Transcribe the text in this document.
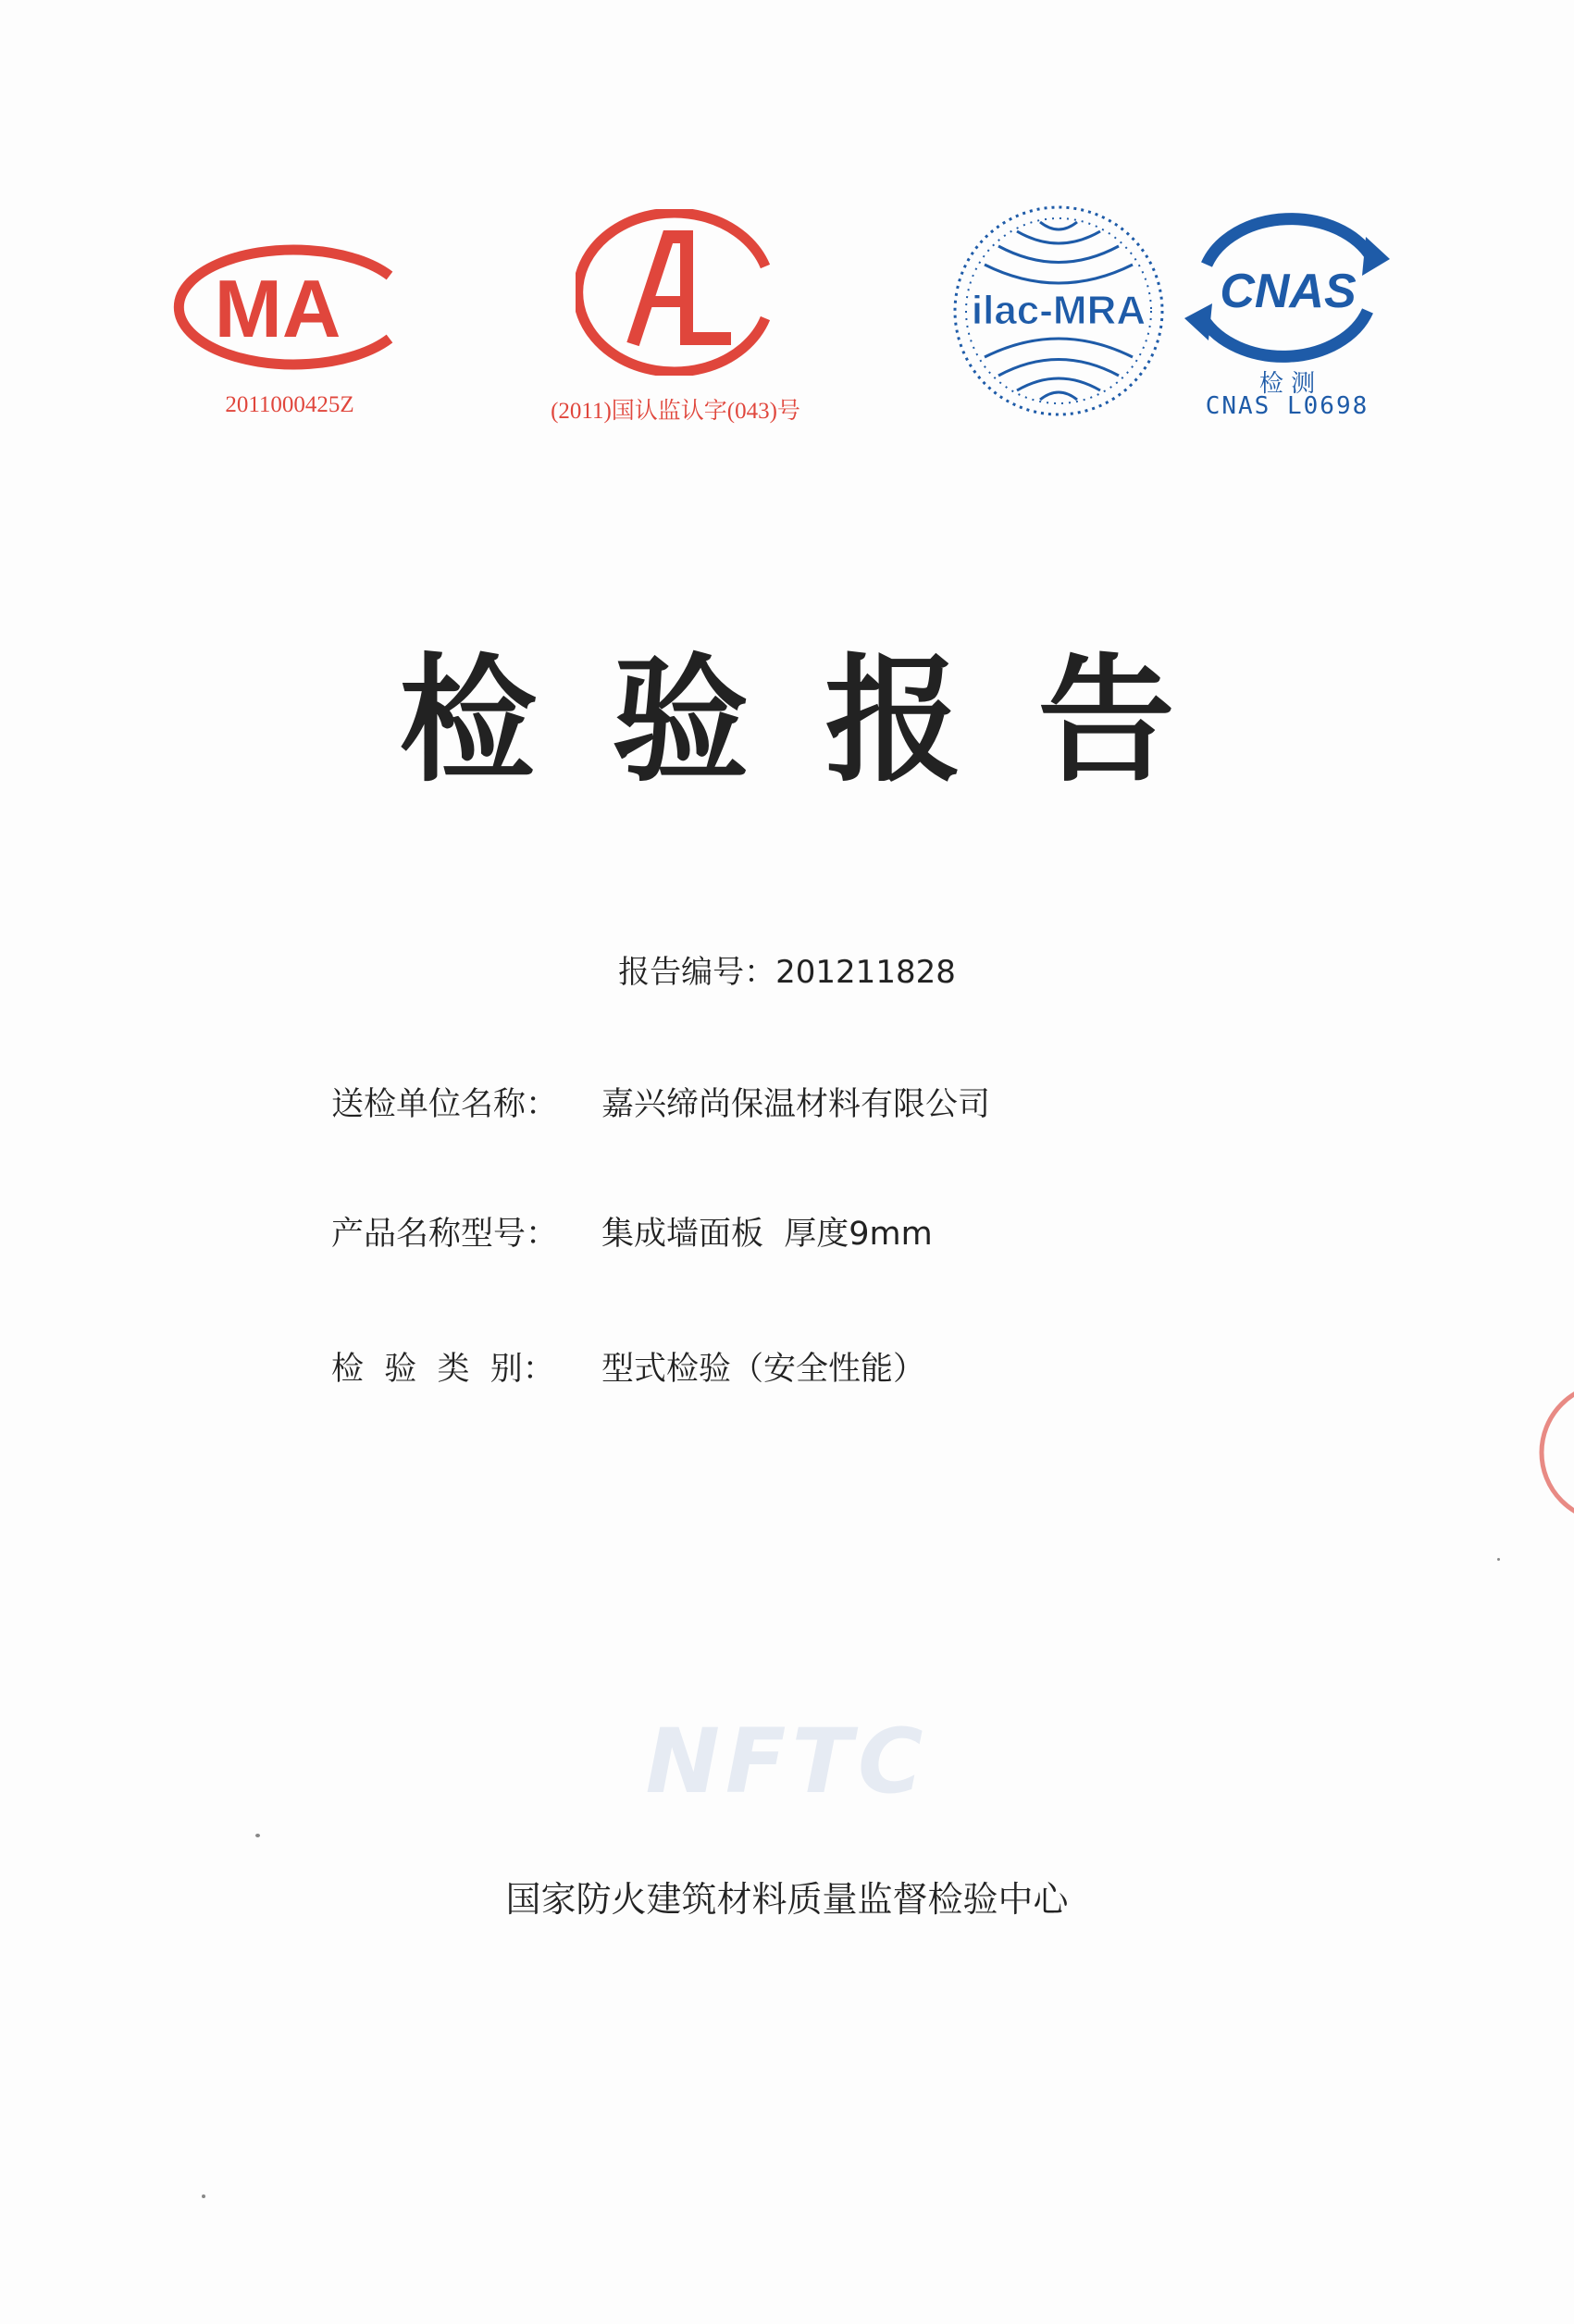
MA
2011000425Z	(2011)国认监认字(043)号
ilac-MRA CNAS
检 测
CNAS L0698
检验报告
报告编号：201211828
送检单位名称： 嘉兴缔尚保温材料有限公司
产品名称型号： 集成墙面板  厚度9mm
检  验  类  别： 型式检验（安全性能）
NFTC
国家防火建筑材料质量监督检验中心
